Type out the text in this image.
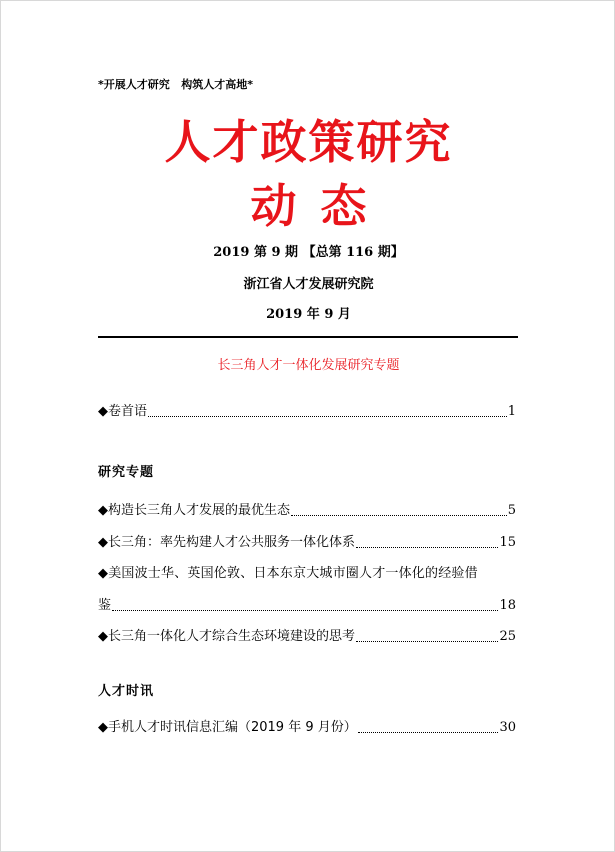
*开展人才研究   构筑人才高地*
人才政策研究
动态
2019 第 9 期 【总第 116 期】
浙江省人才发展研究院
2019 年 9 月
长三角人才一体化发展研究专题
◆卷首语	1
研究专题
◆构造长三角人才发展的最优生态	5
◆长三角：率先构建人才公共服务一体化体系	15
◆美国波士华、英国伦敦、日本东京大城市圈人才一体化的经验借
鉴	18
◆长三角一体化人才综合生态环境建设的思考	25
人才时讯
◆手机人才时讯信息汇编（2019 年 9 月份）	30
